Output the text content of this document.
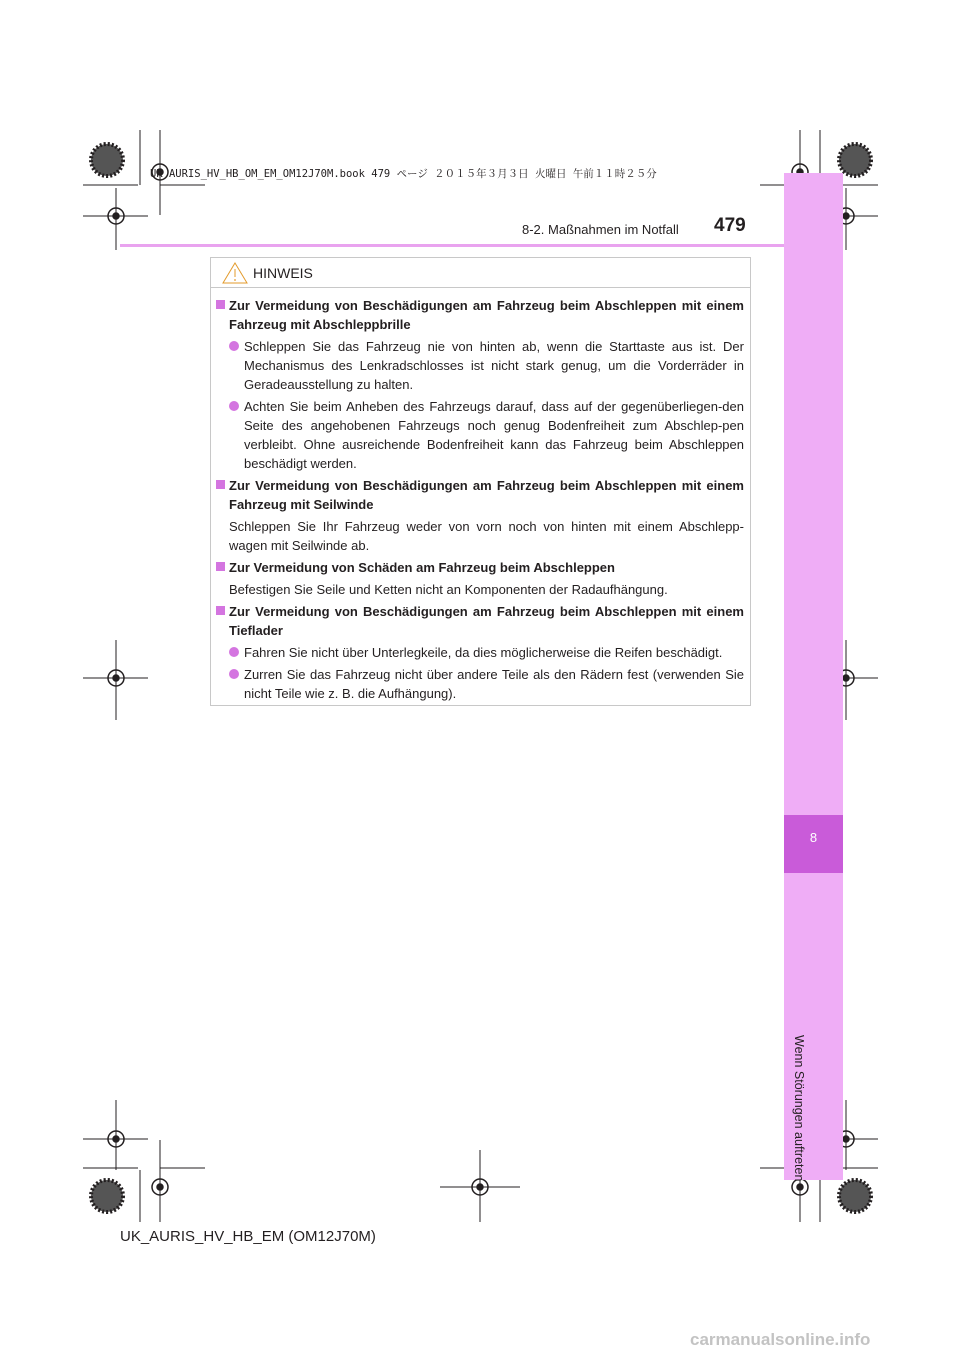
UK AURIS_HV_HB_OM_EM_OM12J70M.book 479 ページ ２０１５年３月３日 火曜日 午前１１時２５分
8
Wenn Störungen auftreten
8-2. Maßnahmen im Notfall 479
HINWEIS
Zur Vermeidung von Beschädigungen am Fahrzeug beim Abschleppen mit einem Fahrzeug mit Abschleppbrille
Schleppen Sie das Fahrzeug nie von hinten ab, wenn die Starttaste aus ist. Der Mechanismus des Lenkradschlosses ist nicht stark genug, um die Vorderräder in Geradeausstellung zu halten.
Achten Sie beim Anheben des Fahrzeugs darauf, dass auf der gegenüberliegen-den Seite des angehobenen Fahrzeugs noch genug Bodenfreiheit zum Abschlep-pen verbleibt. Ohne ausreichende Bodenfreiheit kann das Fahrzeug beim Abschleppen beschädigt werden.
Zur Vermeidung von Beschädigungen am Fahrzeug beim Abschleppen mit einem Fahrzeug mit Seilwinde
Schleppen Sie Ihr Fahrzeug weder von vorn noch von hinten mit einem Abschlepp-wagen mit Seilwinde ab.
Zur Vermeidung von Schäden am Fahrzeug beim Abschleppen
Befestigen Sie Seile und Ketten nicht an Komponenten der Radaufhängung.
Zur Vermeidung von Beschädigungen am Fahrzeug beim Abschleppen mit einem Tieflader
Fahren Sie nicht über Unterlegkeile, da dies möglicherweise die Reifen beschädigt.
Zurren Sie das Fahrzeug nicht über andere Teile als den Rädern fest (verwenden Sie nicht Teile wie z. B. die Aufhängung).
UK_AURIS_HV_HB_EM (OM12J70M)
carmanualsonline.info
